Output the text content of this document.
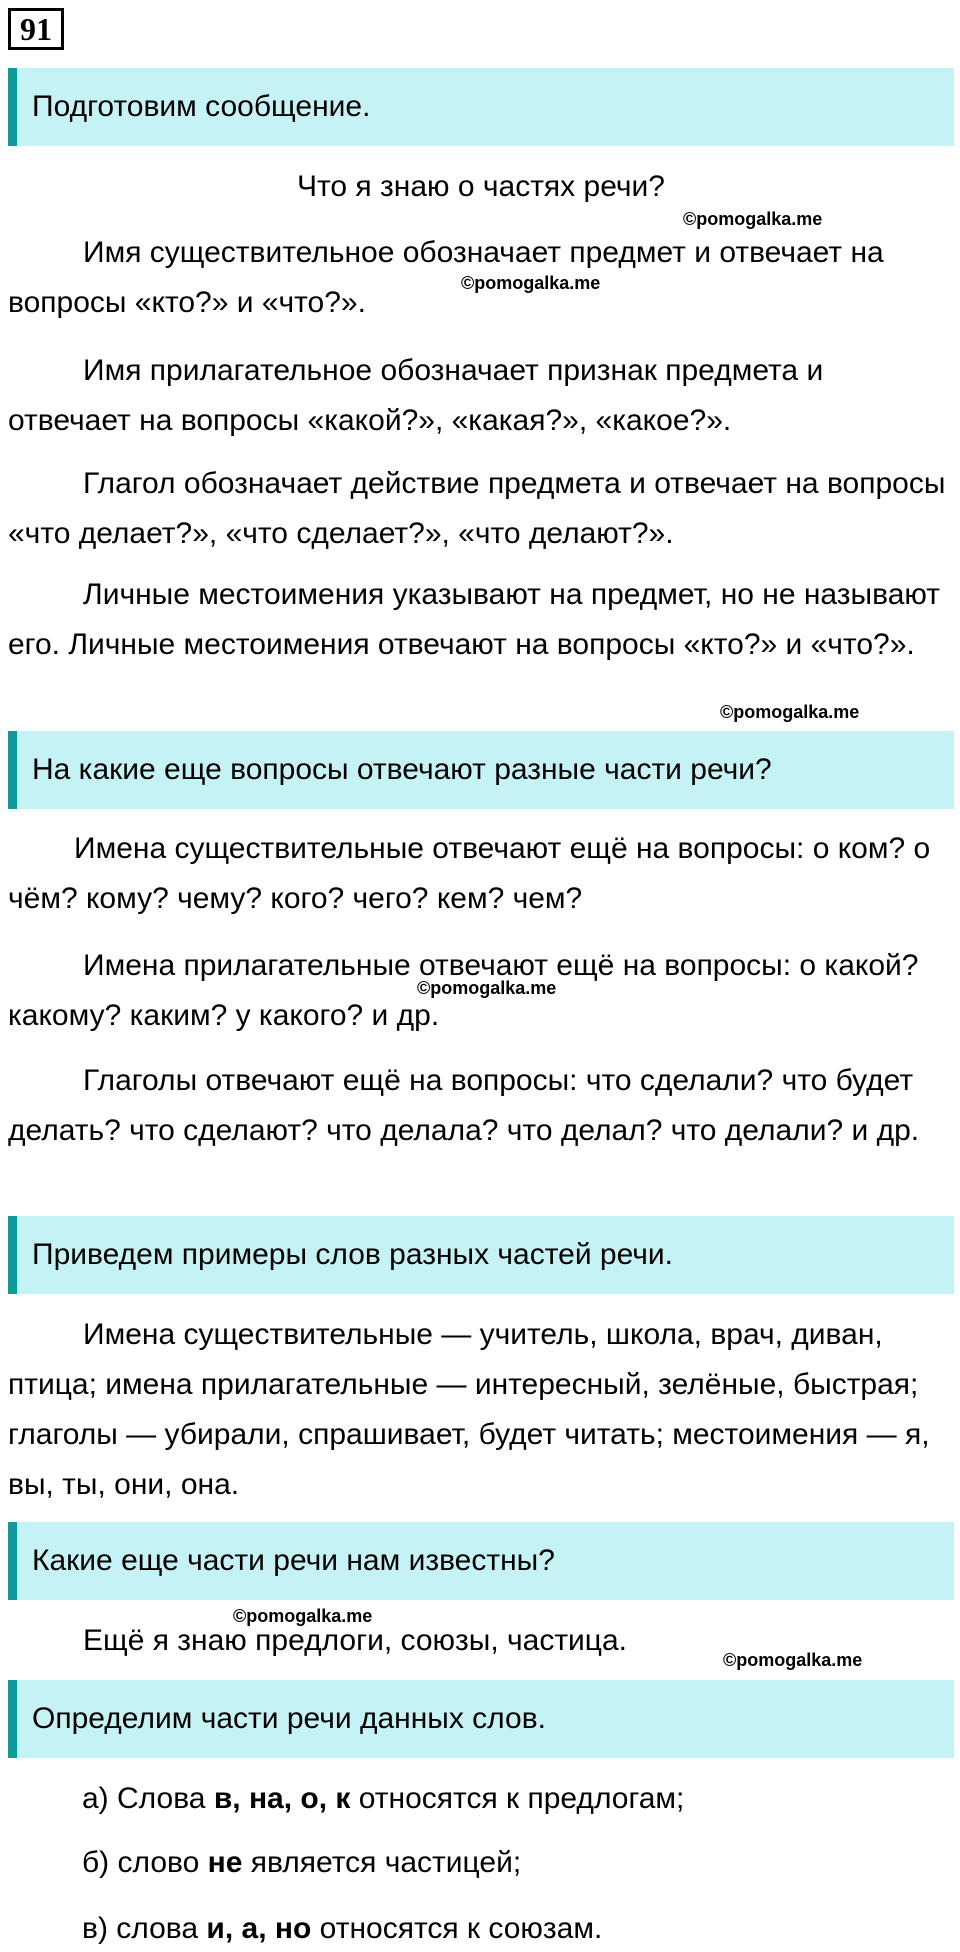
91
Подготовим сообщение.

Что я знаю о частях речи?

©pomogalka.me

Имя существительное обозначает предмет и отвечает на вопросы «кто?» и «что?».

©pomogalka.me

Имя прилагательное обозначает признак предмета и отвечает на вопросы «какой?», «какая?», «какое?».

Глагол обозначает действие предмета и отвечает на вопросы «что делает?», «что сделает?», «что делают?».

Личные местоимения указывают на предмет, но не называют его. Личные местоимения отвечают на вопросы «кто?» и «что?».

©pomogalka.me
На какие еще вопросы отвечают разные части речи?

Имена существительные отвечают ещё на вопросы: о ком? о чём? кому? чему? кого? чего? кем? чем?

Имена прилагательные отвечают ещё на вопросы: о какой? какому? каким? у какого? и др.

©pomogalka.me

Глаголы отвечают ещё на вопросы: что сделали? что будет делать? что сделают? что делала? что делал? что делали? и др.

Приведем примеры слов разных частей речи.

Имена существительные — учитель, школа, врач, диван, птица; имена прилагательные — интересный, зелёные, быстрая; глаголы — убирали, спрашивает, будет читать; местоимения — я, вы, ты, они, она.

Какие еще части речи нам известны?
©pomogalka.me

Ещё я знаю предлоги, союзы, частица.

©pomogalka.me
Определим части речи данных слов.
а) Слова в, на, о, к относятся к предлогам;
б) слово не является частицей;
в) слова и, а, но относятся к союзам.
